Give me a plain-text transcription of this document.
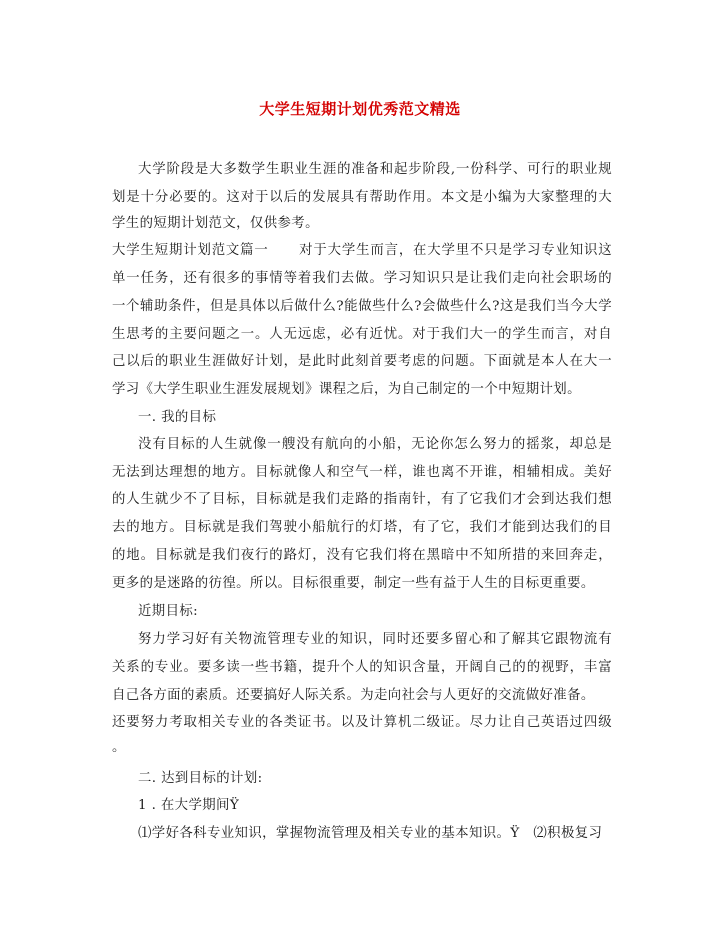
大学生短期计划优秀范文精选
大学阶段是大多数学生职业生涯的准备和起步阶段,一份科学、可行的职业规
划是十分必要的。这对于以后的发展具有帮助作用。本文是小编为大家整理的大
学生的短期计划范文，仅供参考。
大学生短期计划范文篇一 对于大学生而言，在大学里不只是学习专业知识这
单一任务，还有很多的事情等着我们去做。学习知识只是让我们走向社会职场的
一个辅助条件，但是具体以后做什么?能做些什么?会做些什么?这是我们当今大学
生思考的主要问题之一。人无远虑，必有近忧。对于我们大一的学生而言，对自
己以后的职业生涯做好计划，是此时此刻首要考虑的问题。下面就是本人在大一
学习《大学生职业生涯发展规划》课程之后，为自己制定的一个中短期计划。
一. 我的目标
没有目标的人生就像一艘没有航向的小船，无论你怎么努力的摇浆，却总是
无法到达理想的地方。目标就像人和空气一样，谁也离不开谁，相辅相成。美好
的人生就少不了目标，目标就是我们走路的指南针，有了它我们才会到达我们想
去的地方。目标就是我们驾驶小船航行的灯塔，有了它，我们才能到达我们的目
的地。目标就是我们夜行的路灯，没有它我们将在黑暗中不知所措的来回奔走，
更多的是迷路的彷徨。所以。目标很重要，制定一些有益于人生的目标更重要。
近期目标:
努力学习好有关物流管理专业的知识，同时还要多留心和了解其它跟物流有
关系的专业。要多读一些书籍，提升个人的知识含量，开阔自己的的视野，丰富
自己各方面的素质。还要搞好人际关系。为走向社会与人更好的交流做好准备。
还要努力考取相关专业的各类证书。以及计算机二级证。尽力让自己英语过四级
。
二. 达到目标的计划:
1 . 在大学期间Ÿ
⑴学好各科专业知识，掌握物流管理及相关专业的基本知识。Ÿ　⑵积极复习
